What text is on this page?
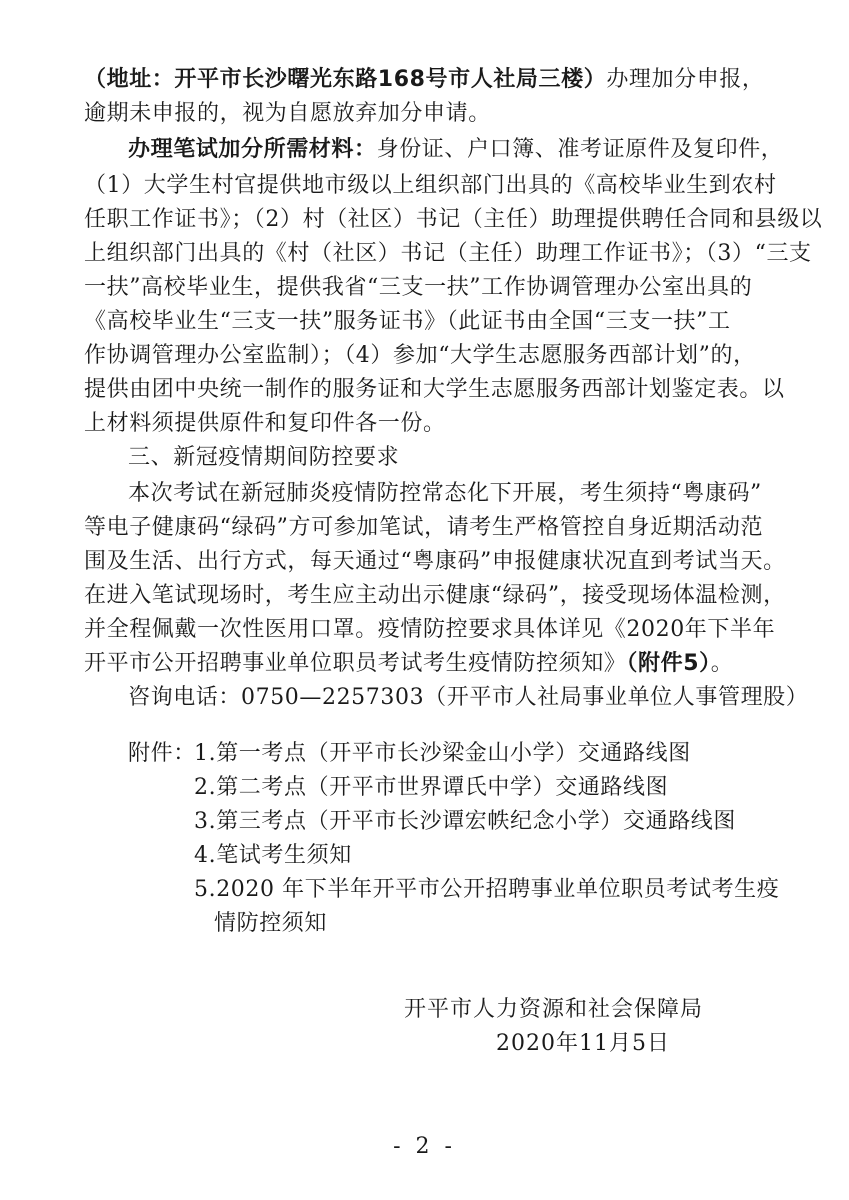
（地址：开平市长沙曙光东路168号市人社局三楼）办理加分申报，
逾期未申报的，视为自愿放弃加分申请。
办理笔试加分所需材料：身份证、户口簿、准考证原件及复印件，
（1）大学生村官提供地市级以上组织部门出具的《高校毕业生到农村
任职工作证书》；（2）村（社区）书记（主任）助理提供聘任合同和县级以
上组织部门出具的《村（社区）书记（主任）助理工作证书》；（3）“三支
一扶”高校毕业生，提供我省“三支一扶”工作协调管理办公室出具的
《高校毕业生“三支一扶”服务证书》（此证书由全国“三支一扶”工
作协调管理办公室监制）；（4）参加“大学生志愿服务西部计划”的，
提供由团中央统一制作的服务证和大学生志愿服务西部计划鉴定表。以
上材料须提供原件和复印件各一份。
三、新冠疫情期间防控要求
本次考试在新冠肺炎疫情防控常态化下开展，考生须持“粤康码”
等电子健康码“绿码”方可参加笔试，请考生严格管控自身近期活动范
围及生活、出行方式，每天通过“粤康码”申报健康状况直到考试当天。
在进入笔试现场时，考生应主动出示健康“绿码”，接受现场体温检测，
并全程佩戴一次性医用口罩。疫情防控要求具体详见《2020年下半年
开平市公开招聘事业单位职员考试考生疫情防控须知》（附件5）。
咨询电话：0750—2257303（开平市人社局事业单位人事管理股）
附件：
1.第一考点（开平市长沙梁金山小学）交通路线图
2.第二考点（开平市世界谭氏中学）交通路线图
3.第三考点（开平市长沙谭宏帙纪念小学）交通路线图
4.笔试考生须知
5.2020 年下半年开平市公开招聘事业单位职员考试考生疫
情防控须知
开平市人力资源和社会保障局
2020年11月5日
- 2 -
